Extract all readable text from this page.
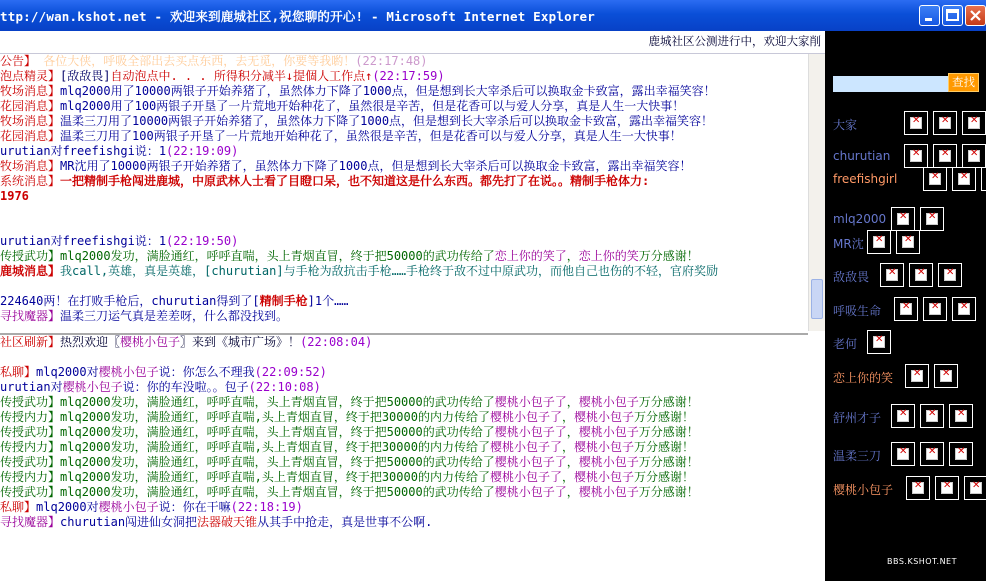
ttp://wan.kshot.net - 欢迎来到鹿城社区,祝您聊的开心! - Microsoft Internet Explorer
鹿城社区公测进行中，欢迎大家削
公告】 各位大侠，呼吸全部出去买点东西，去无觅，你要等我喲！(22:17:48)
泡点精灵】[敌敌畏]自动泡点中. . . 所得积分减半↓提個人工作点↑(22:17:59)
牧场消息】mlq2000用了10000两银子开始养猪了，虽然体力下降了1000点，但是想到长大宰杀后可以换取金卡致富，露出幸福笑容！
花园消息】mlq2000用了100两银子开垦了一片荒地开始种花了，虽然很是辛苦，但是花香可以与爱人分享，真是人生一大快事！
牧场消息】温柔三刀用了10000两银子开始养猪了，虽然体力下降了1000点，但是想到长大宰杀后可以换取金卡致富，露出幸福笑容！
花园消息】温柔三刀用了100两银子开垦了一片荒地开始种花了，虽然很是辛苦，但是花香可以与爱人分享，真是人生一大快事！
urutian对freefishgi说：1(22:19:09)
牧场消息】MR沈用了10000两银子开始养猪了，虽然体力下降了1000点，但是想到长大宰杀后可以换取金卡致富，露出幸福笑容！
系统消息】一把精制手枪闯进鹿城，中原武林人士看了目瞪口呆，也不知道这是什么东西。都先打了在说。。精制手枪体力:
1976
urutian对freefishgi说：1(22:19:50)
传授武功】mlq2000发功，满脸通红，呼呼直喘，头上青烟直冒，终于把50000的武功传给了恋上你的笑了，恋上你的笑万分感谢！
鹿城消息】我call,英雄，真是英雄，[churutian]与手枪为敌抗击手枪……手枪终于敌不过中原武功，而他自己也伤的不轻，官府奖励
224640两！在打败手枪后，churutian得到了[精制手枪]1个……
寻找魔器】温柔三刀运气真是差差呀，什么都没找到。
社区刷新】热烈欢迎〖樱桃小包子〗来到《城市广场》！(22:08:04)
私聊】mlq2000对樱桃小包子说：你怎么不理我(22:09:52)
urutian对樱桃小包子说：你的车没啦。。包子(22:10:08)
传授武功】mlq2000发功，满脸通红，呼呼直喘，头上青烟直冒，终于把50000的武功传给了樱桃小包子了，樱桃小包子万分感谢！
传授内力】mlq2000发功，满脸通红，呼呼直喘,头上青烟直冒，终于把30000的内力传给了樱桃小包子了，樱桃小包子万分感谢！
传授武功】mlq2000发功，满脸通红，呼呼直喘，头上青烟直冒，终于把50000的武功传给了樱桃小包子了，樱桃小包子万分感谢！
传授内力】mlq2000发功，满脸通红，呼呼直喘,头上青烟直冒，终于把30000的内力传给了樱桃小包子了，樱桃小包子万分感谢！
传授武功】mlq2000发功，满脸通红，呼呼直喘，头上青烟直冒，终于把50000的武功传给了樱桃小包子了，樱桃小包子万分感谢！
传授内力】mlq2000发功，满脸通红，呼呼直喘,头上青烟直冒，终于把30000的内力传给了樱桃小包子了，樱桃小包子万分感谢！
传授武功】mlq2000发功，满脸通红，呼呼直喘，头上青烟直冒，终于把50000的武功传给了樱桃小包子了，樱桃小包子万分感谢！
私聊】mlq2000对樱桃小包子说：你在干嘛(22:18:19)
寻找魔器】churutian闯进仙女洞把法器破天锥从其手中抢走，真是世事不公啊.
查找
大家
✕
✕
✕
churutian
✕
✕
✕
freefishgirl
✕
✕
mlq2000
✕
✕
MR沈
✕
✕
敌敌畏
✕
✕
✕
呼吸生命
✕
✕
✕
老何
✕
恋上你的笑
✕
✕
舒州才子
✕
✕
✕
温柔三刀
✕
✕
✕
樱桃小包子
✕
✕
✕
BBS.KSHOT.NET
